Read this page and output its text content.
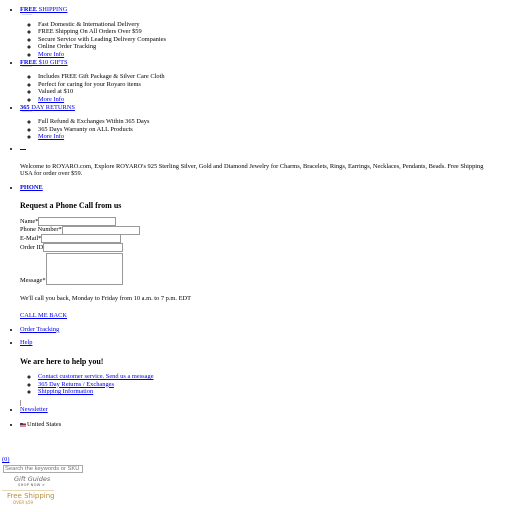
• FREE SHIPPING
◦ Fast Domestic & International Delivery
◦ FREE Shipping On All Orders Over $59
◦ Secure Service with Leading Delivery Companies
◦ Online Order Tracking
◦ More Info
• FREE $10 GIFTS
◦ Includes FREE Gift Package & Silver Care Cloth
◦ Perfect for caring for your Royaro items
◦ Valued at $10
◦ More Info
• 365 DAY RETURNS
◦ Full Refund & Exchanges Within 365 Days
◦ 365 Days Warranty on ALL Products
◦ More Info
• Welcome to ROYARO.com, Explore ROYARO's 925 Sterling Silver, Gold and Diamond Jewelry for Charms, Bracelets, Rings, Earrings, Necklaces, Pendants, Beads. Free Shipping USA for order over $59.
• PHONE
Request a Phone Call from us
Name*
Phone Number*
E-Mail*
Order ID
Message*
We'll call you back, Monday to Friday from 10 a.m. to 7 p.m. EDT
CALL ME BACK
• Order Tracking
• Help
We are here to help you!
◦ Contact customer service. Send us a message
◦ 365 Day Returns / Exchanges
◦ Shipping Information
• Newsletter
• United States
(0)
Search the keywords or SKU
Gift Guides
SHOP NOW >
Free Shipping
OVER $59
